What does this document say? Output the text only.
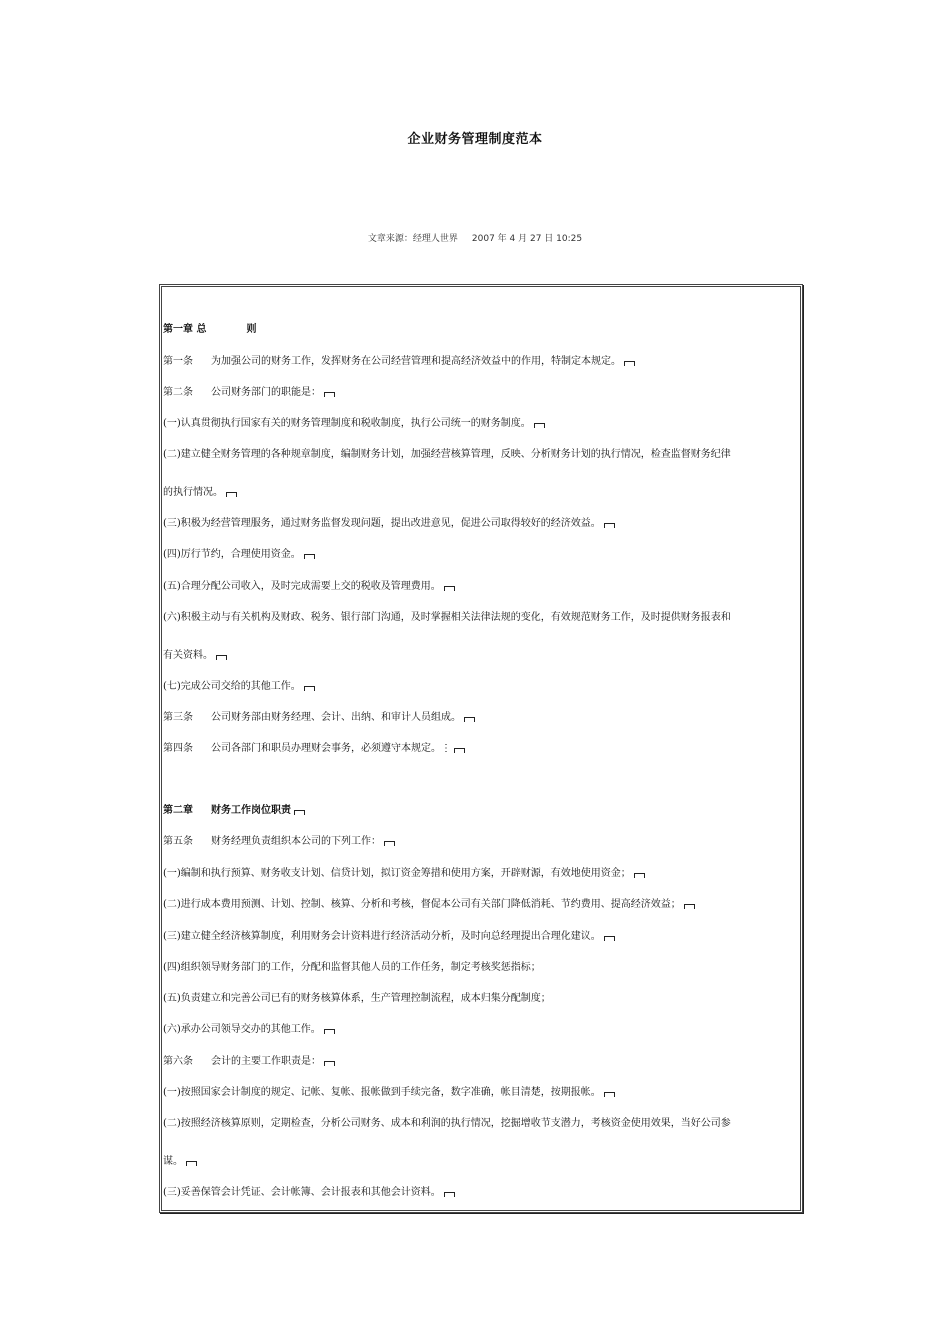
企业财务管理制度范本
文章来源：经理人世界 2007 年 4 月 27 日 10:25
第一章 总	则
第一条 为加强公司的财务工作，发挥财务在公司经营管理和提高经济效益中的作用，特制定本规定。
第二条 公司财务部门的职能是：
(一)认真贯彻执行国家有关的财务管理制度和税收制度，执行公司统一的财务制度。
(二)建立健全财务管理的各种规章制度，编制财务计划，加强经营核算管理，反映、分析财务计划的执行情况，检查监督财务纪律
的执行情况。
(三)积极为经营管理服务，通过财务监督发现问题，提出改进意见，促进公司取得较好的经济效益。
(四)厉行节约，合理使用资金。
(五)合理分配公司收入，及时完成需要上交的税收及管理费用。
(六)积极主动与有关机构及财政、税务、银行部门沟通，及时掌握相关法律法规的变化，有效规范财务工作，及时提供财务报表和
有关资料。
(七)完成公司交给的其他工作。
第三条 公司财务部由财务经理、会计、出纳、和审计人员组成。
第四条 公司各部门和职员办理财会事务，必须遵守本规定。⋮
第二章 财务工作岗位职责
第五条 财务经理负责组织本公司的下列工作：
(一)编制和执行预算、财务收支计划、信贷计划，拟订资金筹措和使用方案，开辟财源，有效地使用资金；
(二)进行成本费用预测、计划、控制、核算、分析和考核，督促本公司有关部门降低消耗、节约费用、提高经济效益；
(三)建立健全经济核算制度，利用财务会计资料进行经济活动分析，及时向总经理提出合理化建议。
(四)组织领导财务部门的工作，分配和监督其他人员的工作任务，制定考核奖惩指标；
(五)负责建立和完善公司已有的财务核算体系，生产管理控制流程，成本归集分配制度；
(六)承办公司领导交办的其他工作。
第六条 会计的主要工作职责是：
(一)按照国家会计制度的规定、记帐、复帐、报帐做到手续完备，数字准确，帐目清楚，按期报帐。
(二)按照经济核算原则，定期检查，分析公司财务、成本和利润的执行情况，挖掘增收节支潜力，考核资金使用效果，当好公司参
谋。
(三)妥善保管会计凭证、会计帐簿、会计报表和其他会计资料。
